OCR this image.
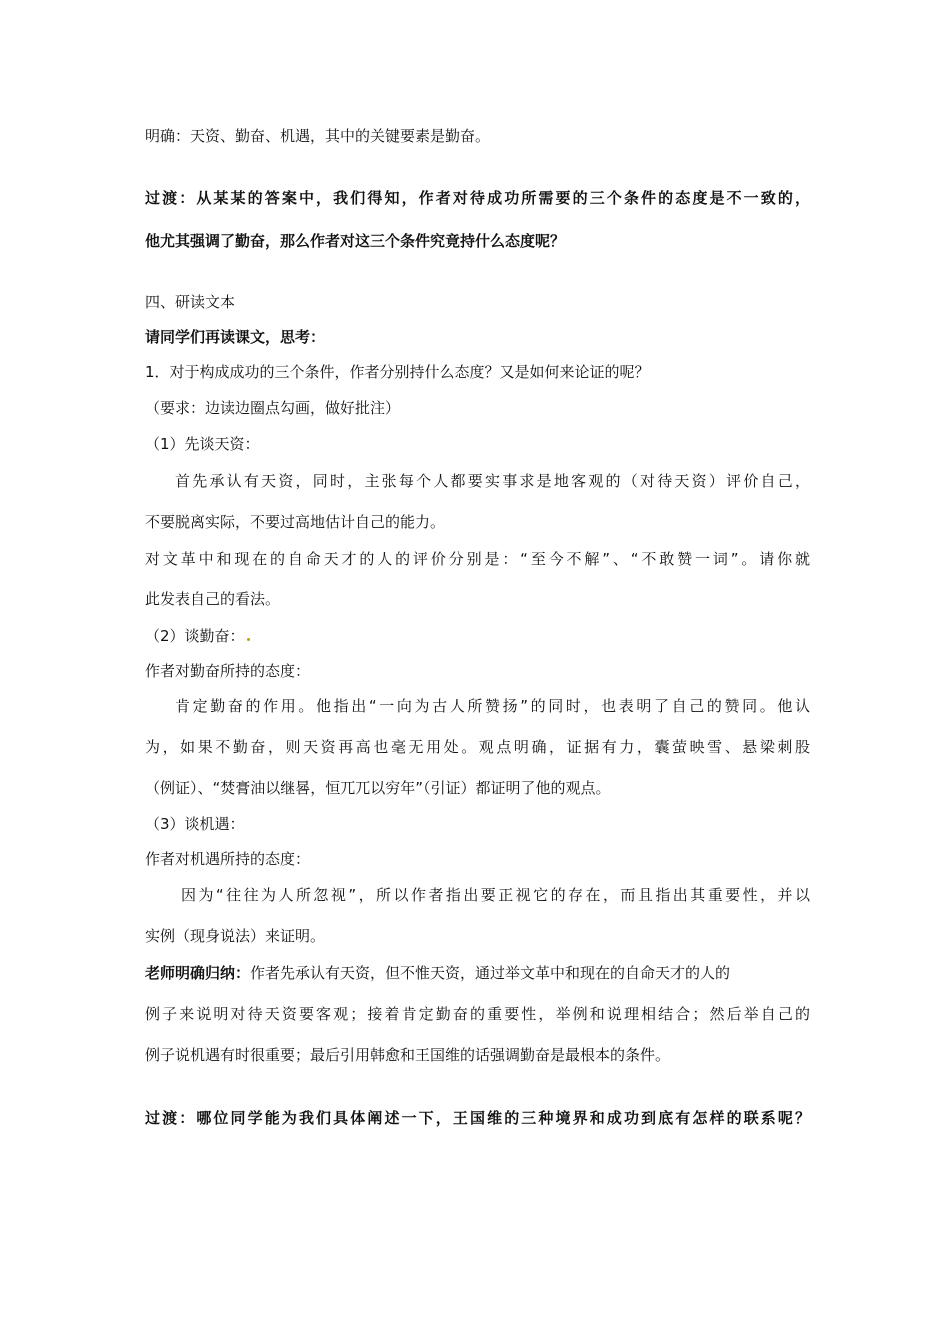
明确：天资、勤奋、机遇，其中的关键要素是勤奋。
过渡：从某某的答案中，我们得知，作者对待成功所需要的三个条件的态度是不一致的，
他尤其强调了勤奋，那么作者对这三个条件究竟持什么态度呢？
四、研读文本
请同学们再读课文，思考：
1．对于构成成功的三个条件，作者分别持什么态度？又是如何来论证的呢？
（要求：边读边圈点勾画，做好批注）
（1）先谈天资：
首先承认有天资，同时，主张每个人都要实事求是地客观的（对待天资）评价自己，
不要脱离实际，不要过高地估计自己的能力。
对文革中和现在的自命天才的人的评价分别是：“至今不解”、“不敢赞一词”。请你就
此发表自己的看法。
（2）谈勤奋：
作者对勤奋所持的态度：
肯定勤奋的作用。他指出“一向为古人所赞扬”的同时，也表明了自己的赞同。他认
为，如果不勤奋，则天资再高也毫无用处。观点明确，证据有力，囊萤映雪、悬梁刺股
（例证）、“焚膏油以继晷，恒兀兀以穷年”（引证）都证明了他的观点。
（3）谈机遇：
作者对机遇所持的态度：
因为“往往为人所忽视”，所以作者指出要正视它的存在，而且指出其重要性，并以
实例（现身说法）来证明。
老师明确归纳：作者先承认有天资，但不惟天资，通过举文革中和现在的自命天才的人的
例子来说明对待天资要客观；接着肯定勤奋的重要性，举例和说理相结合；然后举自己的
例子说机遇有时很重要；最后引用韩愈和王国维的话强调勤奋是最根本的条件。
过渡：哪位同学能为我们具体阐述一下，王国维的三种境界和成功到底有怎样的联系呢？
